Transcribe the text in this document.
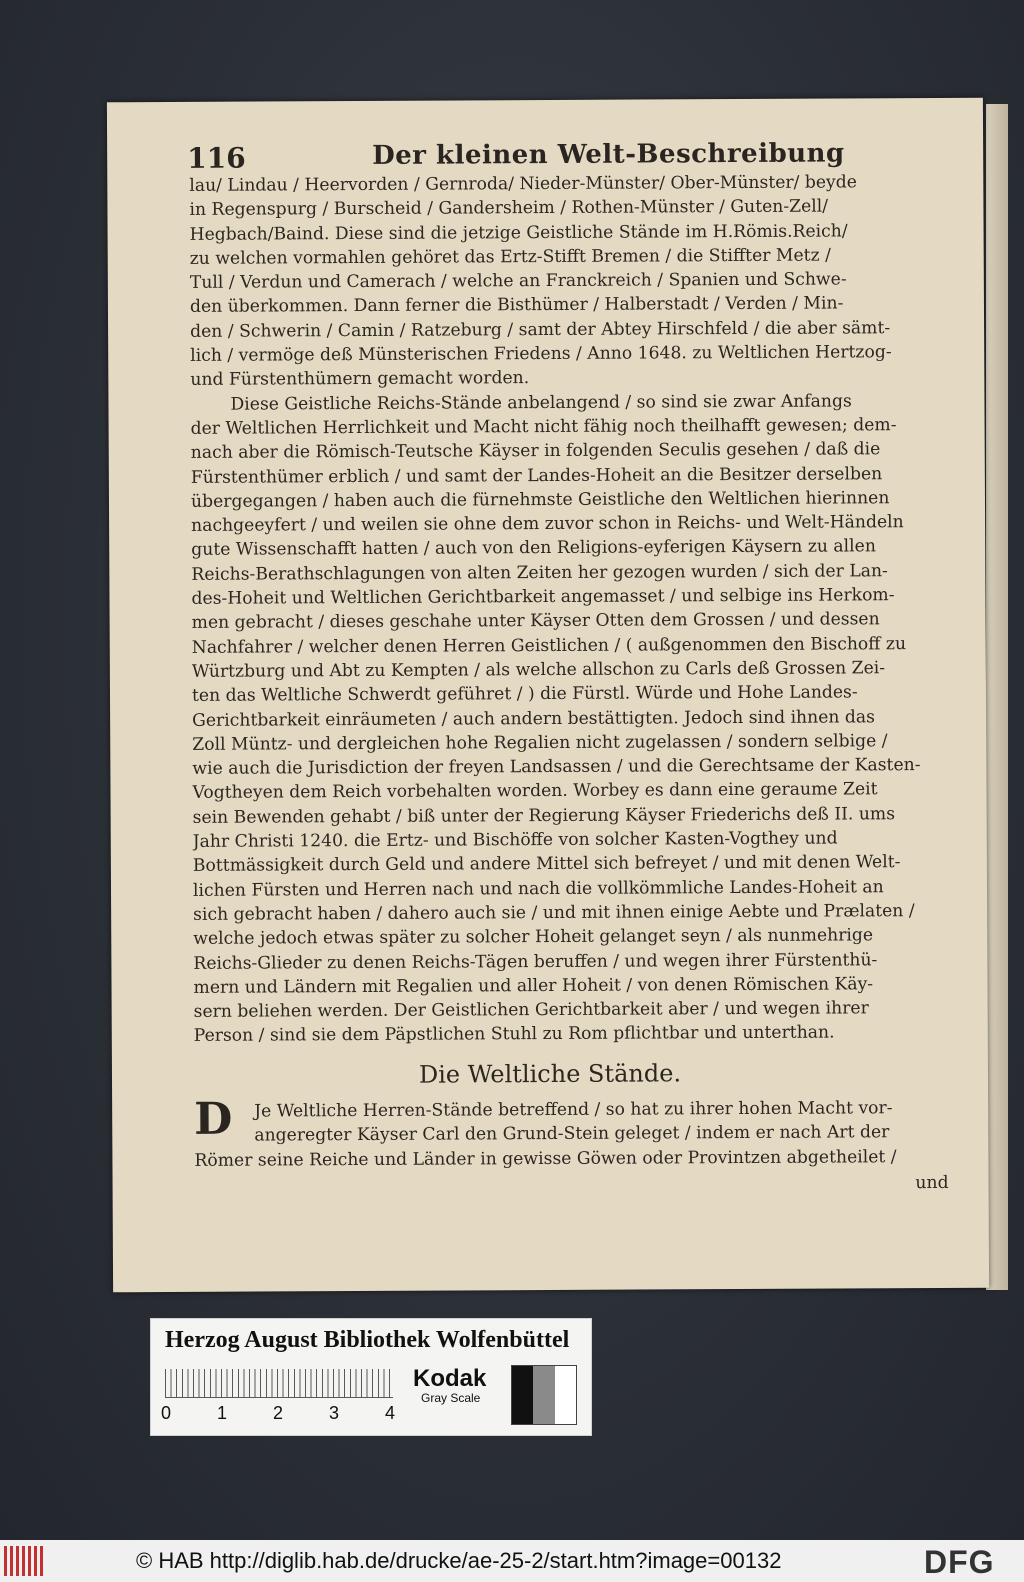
116	Der kleinen Welt-Beschreibung
lau/ Lindau / Heervorden / Gernroda/ Nieder-Münster/ Ober-Münster/ beyde
in Regenspurg / Burscheid / Gandersheim / Rothen-Münster / Guten-Zell/
Hegbach/Baind. Diese sind die jetzige Geistliche Stände im H.Römis.Reich/
zu welchen vormahlen gehöret das Ertz-Stifft Bremen / die Stiffter Metz /
Tull / Verdun und Camerach / welche an Franckreich / Spanien und Schwe-
den überkommen. Dann ferner die Bisthümer / Halberstadt / Verden / Min-
den / Schwerin / Camin / Ratzeburg / samt der Abtey Hirschfeld / die aber sämt-
lich / vermöge deß Münsterischen Friedens / Anno 1648. zu Weltlichen Hertzog-
und Fürstenthümern gemacht worden.
Diese Geistliche Reichs-Stände anbelangend / so sind sie zwar Anfangs
der Weltlichen Herrlichkeit und Macht nicht fähig noch theilhafft gewesen; dem-
nach aber die Römisch-Teutsche Käyser in folgenden Seculis gesehen / daß die
Fürstenthümer erblich / und samt der Landes-Hoheit an die Besitzer derselben
übergegangen / haben auch die fürnehmste Geistliche den Weltlichen hierinnen
nachgeeyfert / und weilen sie ohne dem zuvor schon in Reichs- und Welt-Händeln
gute Wissenschafft hatten / auch von den Religions-eyferigen Käysern zu allen
Reichs-Berathschlagungen von alten Zeiten her gezogen wurden / sich der Lan-
des-Hoheit und Weltlichen Gerichtbarkeit angemasset / und selbige ins Herkom-
men gebracht / dieses geschahe unter Käyser Otten dem Grossen / und dessen
Nachfahrer / welcher denen Herren Geistlichen / ( außgenommen den Bischoff zu
Würtzburg und Abt zu Kempten / als welche allschon zu Carls deß Grossen Zei-
ten das Weltliche Schwerdt geführet / ) die Fürstl. Würde und Hohe Landes-
Gerichtbarkeit einräumeten / auch andern bestättigten. Jedoch sind ihnen das
Zoll Müntz- und dergleichen hohe Regalien nicht zugelassen / sondern selbige /
wie auch die Jurisdiction der freyen Landsassen / und die Gerechtsame der Kasten-
Vogtheyen dem Reich vorbehalten worden. Worbey es dann eine geraume Zeit
sein Bewenden gehabt / biß unter der Regierung Käyser Friederichs deß II. ums
Jahr Christi 1240. die Ertz- und Bischöffe von solcher Kasten-Vogthey und
Bottmässigkeit durch Geld und andere Mittel sich befreyet / und mit denen Welt-
lichen Fürsten und Herren nach und nach die vollkömmliche Landes-Hoheit an
sich gebracht haben / dahero auch sie / und mit ihnen einige Aebte und Prælaten /
welche jedoch etwas später zu solcher Hoheit gelanget seyn / als nunmehrige
Reichs-Glieder zu denen Reichs-Tägen beruffen / und wegen ihrer Fürstenthü-
mern und Ländern mit Regalien und aller Hoheit / von denen Römischen Käy-
sern beliehen werden. Der Geistlichen Gerichtbarkeit aber / und wegen ihrer
Person / sind sie dem Päpstlichen Stuhl zu Rom pflichtbar und unterthan.
Die Weltliche Stände.
D	Je Weltliche Herren-Stände betreffend / so hat zu ihrer hohen Macht vor-
angeregter Käyser Carl den Grund-Stein geleget / indem er nach Art der
Römer seine Reiche und Länder in gewisse Göwen oder Provintzen abgetheilet /
und
Herzog August Bibliothek Wolfenbüttel
0	1	2	3	4
Kodak
Gray Scale
© HAB http://diglib.hab.de/drucke/ae-25-2/start.htm?image=00132	DFG
